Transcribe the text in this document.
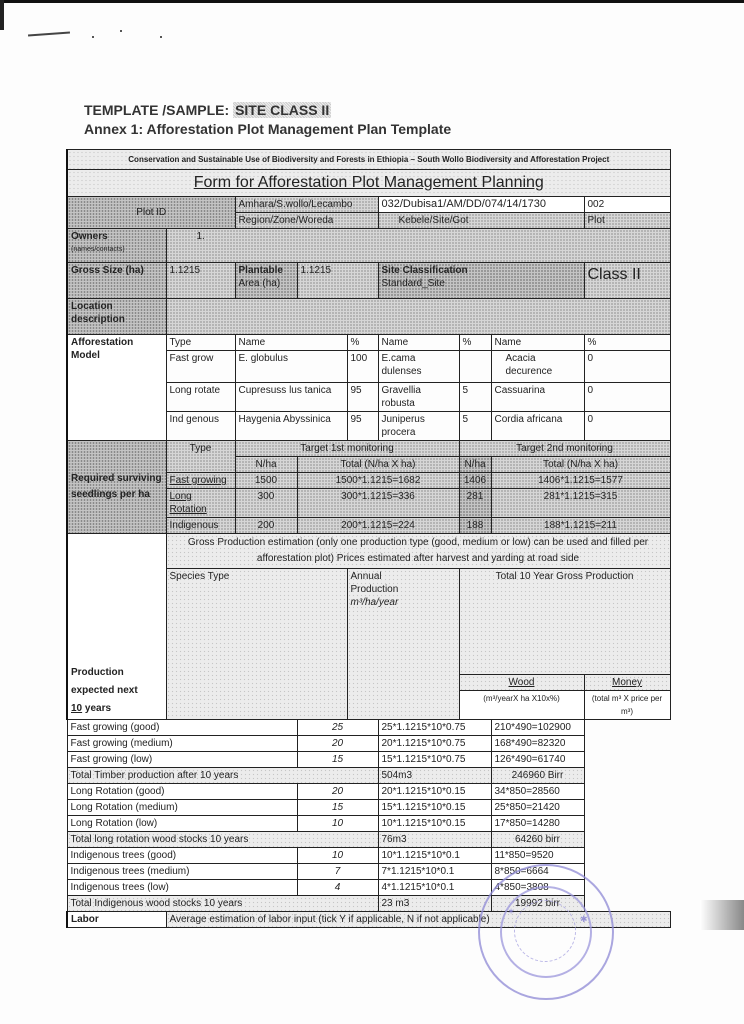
TEMPLATE /SAMPLE: SITE CLASS II
Annex 1: Afforestation Plot Management Plan Template
Conservation and Sustainable Use of Biodiversity and Forests in Ethiopia – South Wollo Biodiversity and Afforestation Project								
Form for Afforestation Plot Management Planning								
Plot ID		Amhara/S.wollo/Lecambo			032/Dubisa1/AM/DD/074/14/1730			002
		Region/Zone/Woreda			Kebele/Site/Got			Plot

Owners
(names/contacts)	1.							
Gross Size (ha)	1.1215	Plantable
Area (ha)
	1.1215	Site Classification
Standard_Site
	Class II

Location
description								

Afforestation
Model	Type	Name		%	Name	%	Name	%
	Fast grow	E. globulus		100	E.cama dulenses		Acacia decurence	0
	Long rotate	Cupresuss lus tanica		95	Gravellia robusta	5	Cassuarina	0
	Ind genous	Haygenia Abyssinica		95	Juniperus procera	5	Cordia africana	0
Required surviving seedlings per ha	Type	Target 1st monitoring				Target 2nd monitoring		
		N/ha	Total (N/ha X ha)			N/ha	Total (N/ha X ha)	
	Fast growing	1500	1500*1.1215=1682			1406	1406*1.1215=1577	
	Long Rotation	300	300*1.1215=336			281	281*1.1215=315	
	Indigenous	200	200*1.1215=224			188	188*1.1215=211	

Production
expected next
10 years	Gross Production estimation (only one production type (good, medium or low) can be used and filled per afforestation plot) Prices estimated after harvest and yarding at road side							
	Species Type			Annual
Production
m³/ha/year		Total 10 Year Gross Production		
						Wood		Money
						(m³/yearX ha X10x%)		(total m³ X price per m³)
Fast growing (good)			25		25*1.1215*10*0.75		210*490=102900	
Fast growing (medium)			20		20*1.1215*10*0.75		168*490=82320	
Fast growing (low)			15		15*1.1215*10*0.75		126*490=61740	
Total Timber production after 10 years					504m3		246960 Birr	
Long Rotation (good)			20		20*1.1215*10*0.15		34*850=28560	
Long Rotation (medium)			15		15*1.1215*10*0.15		25*850=21420	
Long Rotation (low)			10		10*1.1215*10*0.15		17*850=14280	
Total long rotation wood stocks 10 years					76m3		64260 birr	
Indigenous trees (good)			10		10*1.1215*10*0.1		11*850=9520	
Indigenous trees (medium)			7		7*1.1215*10*0.1		8*850=6664	
Indigenous trees (low)			4		4*1.1215*10*0.1		4*850=3808	
Total Indigenous wood stocks 10 years					23 m3		19992 birr	
Labor	Average estimation of labor input (tick Y if applicable, N if not applicable)							
✶
✱
